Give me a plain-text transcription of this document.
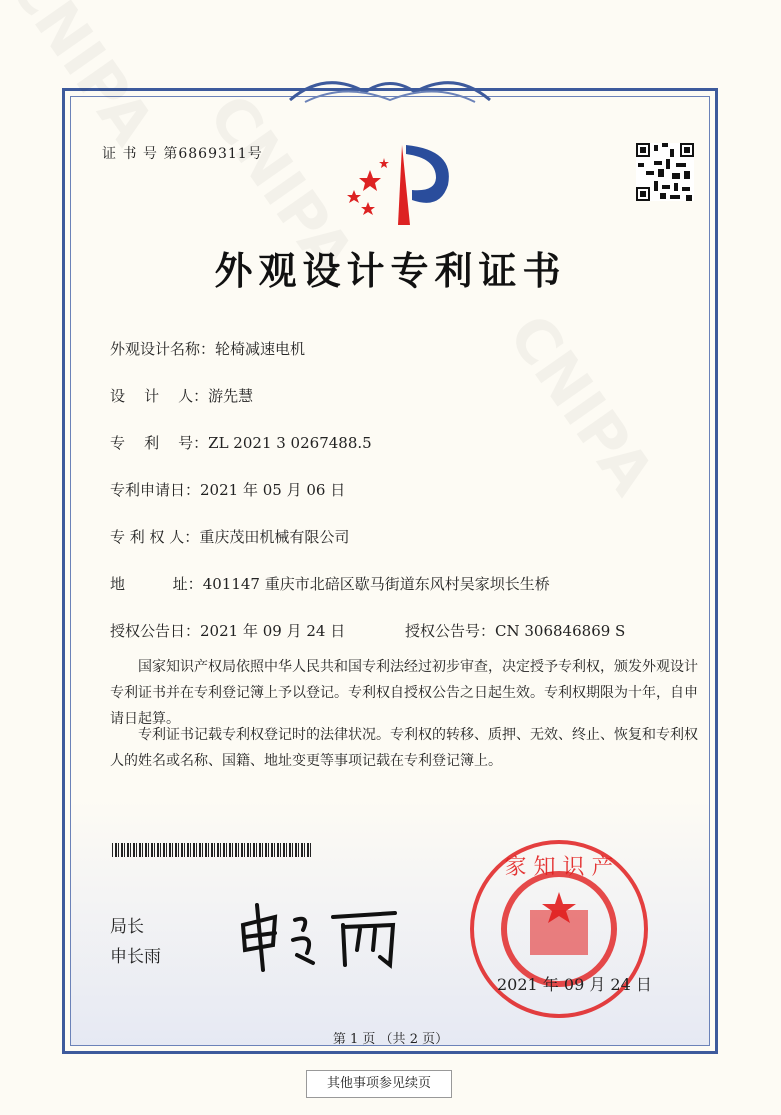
证 书 号 第6869311号
外观设计专利证书
外观设计名称：轮椅减速电机
设    计    人：游先慧
专    利    号：ZL 2021 3 0267488.5
专利申请日：2021 年 05 月 06 日
专 利 权 人：重庆茂田机械有限公司
地          址：401147 重庆市北碚区歇马街道东风村吴家坝长生桥
授权公告日：2021 年 09 月 24 日	授权公告号：CN 306846869 S
国家知识产权局依照中华人民共和国专利法经过初步审查，决定授予专利权，颁发外观设计专利证书并在专利登记簿上予以登记。专利权自授权公告之日起生效。专利权期限为十年，自申请日起算。
专利证书记载专利权登记时的法律状况。专利权的转移、质押、无效、终止、恢复和专利权人的姓名或名称、国籍、地址变更等事项记载在专利登记簿上。
局长
申长雨
家 知 识 产
2021 年 09 月 24 日
第 1 页 （共 2 页）
其他事项参见续页
